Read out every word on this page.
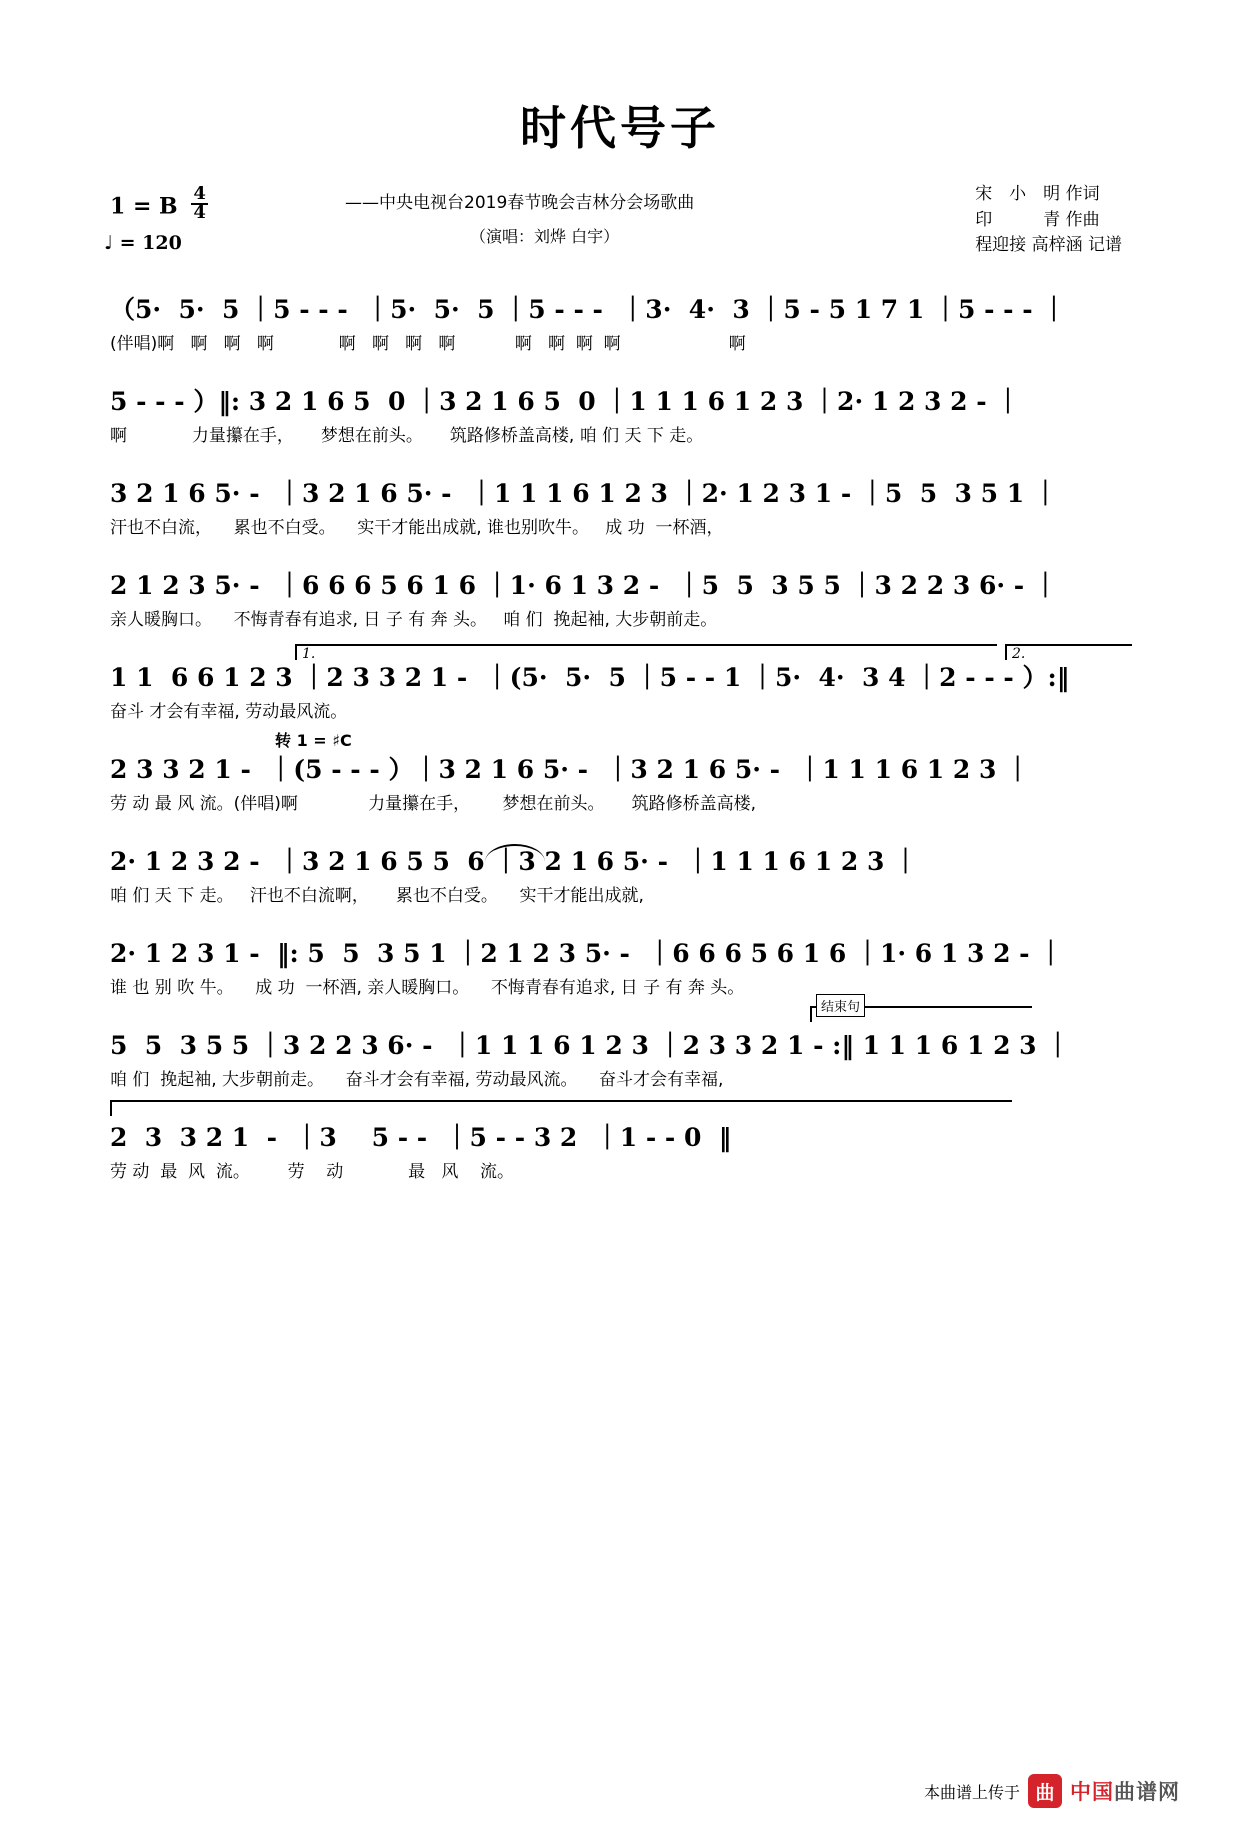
时代号子
1 = B $\frac{4}{4}$
♩ = 120
——中央电视台2019春节晚会吉林分会场歌曲
（演唱：刘烨 白宇）
宋　小　明 作词
印　　　青 作曲
程迎接 高梓涵 记谱
（5·  5·  5 ｜5 - - -  ｜5·  5·  5 ｜5 - - -  ｜3·  4·  3 ｜5 - 5 1 7 1 ｜5 - - - ｜
(伴唱)啊   啊   啊   啊            啊   啊   啊   啊           啊   啊  啊  啊                    啊
5 - - - ）‖: 3 2 1 6 5  0 ｜3 2 1 6 5  0 ｜1 1 1 6 1 2 3 ｜2· 1 2 3 2 - ｜
啊            力量攥在手，     梦想在前头。     筑路修桥盖高楼, 咱 们 天 下 走。
3 2 1 6 5· -  ｜3 2 1 6 5· -  ｜1 1 1 6 1 2 3 ｜2· 1 2 3 1 - ｜5  5  3 5 1 ｜
汗也不白流，    累也不白受。    实干才能出成就, 谁也别吹牛。   成 功  一杯酒，
2 1 2 3 5· -  ｜6 6 6 5 6 1 6 ｜1· 6 1 3 2 -  ｜5  5  3 5 5 ｜3 2 2 3 6· - ｜
亲人暖胸口。    不悔青春有追求, 日 子 有 奔 头。   咱 们  挽起袖, 大步朝前走。
1.	2.
1 1  6 6 1 2 3 ｜2 3 3 2 1 -  ｜(5·  5·  5 ｜5 - - 1 ｜5·  4·  3 4 ｜2 - - - ）:‖
奋斗 才会有幸福, 劳动最风流。
转 1 = ♯C
2 3 3 2 1 -  ｜(5 - - - ）｜3 2 1 6 5· -  ｜3 2 1 6 5· -  ｜1 1 1 6 1 2 3 ｜
劳 动 最 风 流。(伴唱)啊             力量攥在手，      梦想在前头。     筑路修桥盖高楼,
2· 1 2 3 2 -  ｜3 2 1 6 5 5  6 ｜3 2 1 6 5· -  ｜1 1 1 6 1 2 3 ｜
咱 们 天 下 走。   汗也不白流啊，     累也不白受。    实干才能出成就,
2· 1 2 3 1 -  ‖: 5  5  3 5 1 ｜2 1 2 3 5· -  ｜6 6 6 5 6 1 6 ｜1· 6 1 3 2 - ｜
谁 也 别 吹 牛。    成 功  一杯酒, 亲人暖胸口。    不悔青春有追求, 日 子 有 奔 头。
结束句
5  5  3 5 5 ｜3 2 2 3 6· -  ｜1 1 1 6 1 2 3 ｜2 3 3 2 1 - :‖ 1 1 1 6 1 2 3 ｜
咱 们  挽起袖, 大步朝前走。    奋斗才会有幸福, 劳动最风流。    奋斗才会有幸福,
2  3  3 2 1  -  ｜3    5 - -  ｜5 - - 3 2  ｜1 - - 0  ‖
劳 动  最  风  流。       劳    动            最   风    流。
本曲谱上传于 曲 中国曲谱网
